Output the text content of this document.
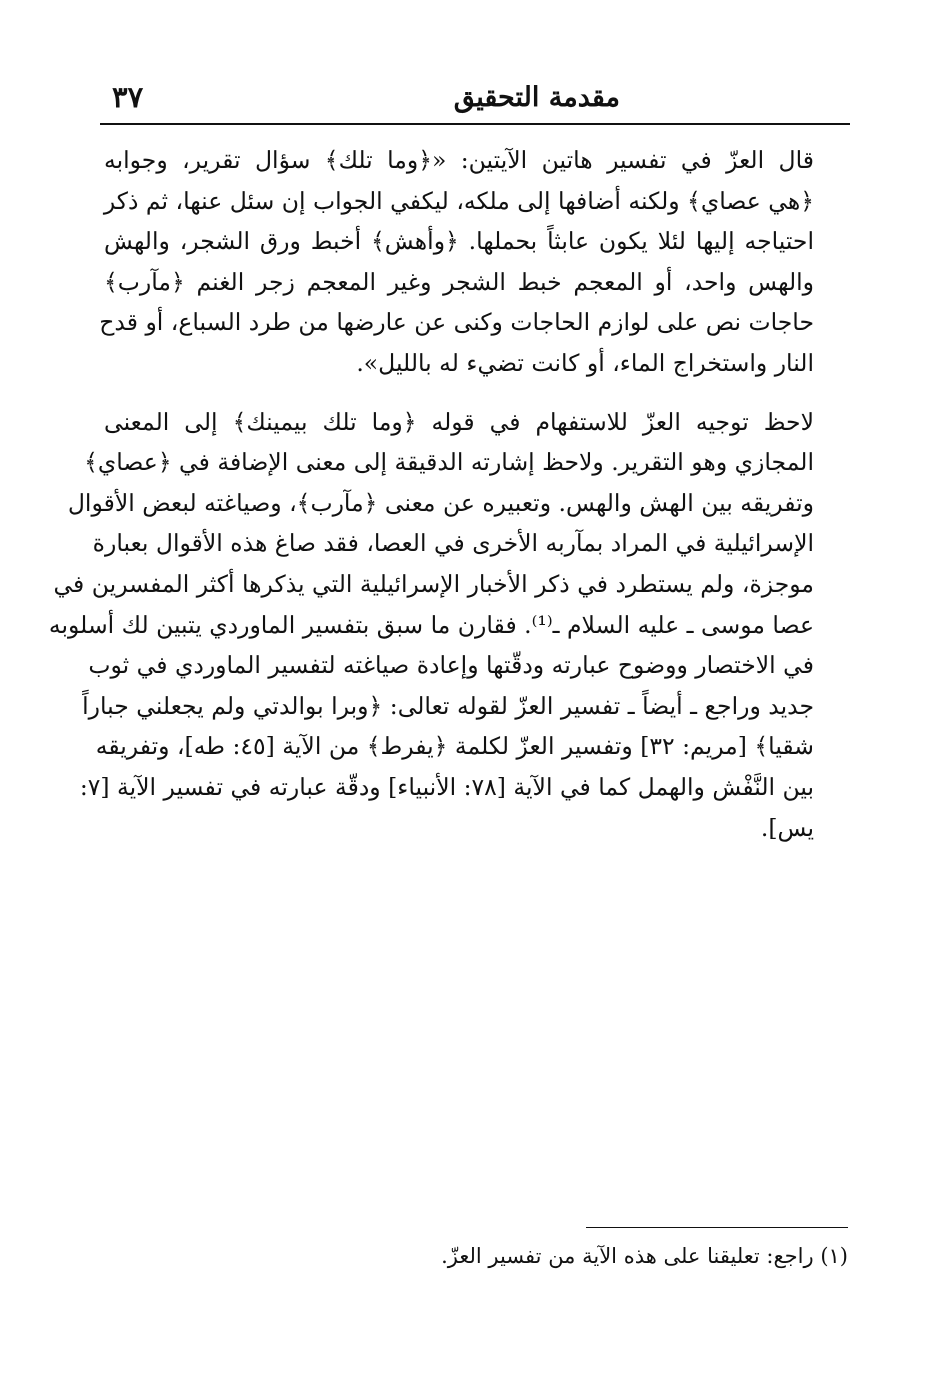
مقدمة التحقيق
٣٧

قال العزّ في تفسير هاتين الآيتين: «﴿وما تلك﴾ سؤال تقرير، وجوابه
﴿هي عصاي﴾ ولكنه أضافها إلى ملكه، ليكفي الجواب إن سئل عنها، ثم ذكر
احتياجه إليها لئلا يكون عابثاً بحملها. ﴿وأهش﴾ أخبط ورق الشجر، والهش
والهس واحد، أو المعجم خبط الشجر وغير المعجم زجر الغنم ﴿مآرب﴾
حاجات نص على لوازم الحاجات وكنى عن عارضها من طرد السباع، أو قدح
النار واستخراج الماء، أو كانت تضيء له بالليل».

لاحظ توجيه العزّ للاستفهام في قوله ﴿وما تلك بيمينك﴾ إلى المعنى
المجازي وهو التقرير. ولاحظ إشارته الدقيقة إلى معنى الإضافة في ﴿عصاي﴾
وتفريقه بين الهش والهس. وتعبيره عن معنى ﴿مآرب﴾، وصياغته لبعض الأقوال
الإسرائيلية في المراد بمآربه الأخرى في العصا، فقد صاغ هذه الأقوال بعبارة
موجزة، ولم يستطرد في ذكر الأخبار الإسرائيلية التي يذكرها أكثر المفسرين في
عصا موسى ـ عليه السلام ـ⁽¹⁾. فقارن ما سبق بتفسير الماوردي يتبين لك أسلوبه
في الاختصار ووضوح عبارته ودقّتها وإعادة صياغته لتفسير الماوردي في ثوب
جديد وراجع ـ أيضاً ـ تفسير العزّ لقوله تعالى: ﴿وبرا بوالدتي ولم يجعلني جباراً
شقيا﴾ [مريم: ٣٢] وتفسير العزّ لكلمة ﴿يفرط﴾ من الآية [٤٥: طه]، وتفريقه
بين النَّفْش والهمل كما في الآية [٧٨: الأنبياء] ودقّة عبارته في تفسير الآية [٧:
يس].

(١) راجع: تعليقنا على هذه الآية من تفسير العزّ.
